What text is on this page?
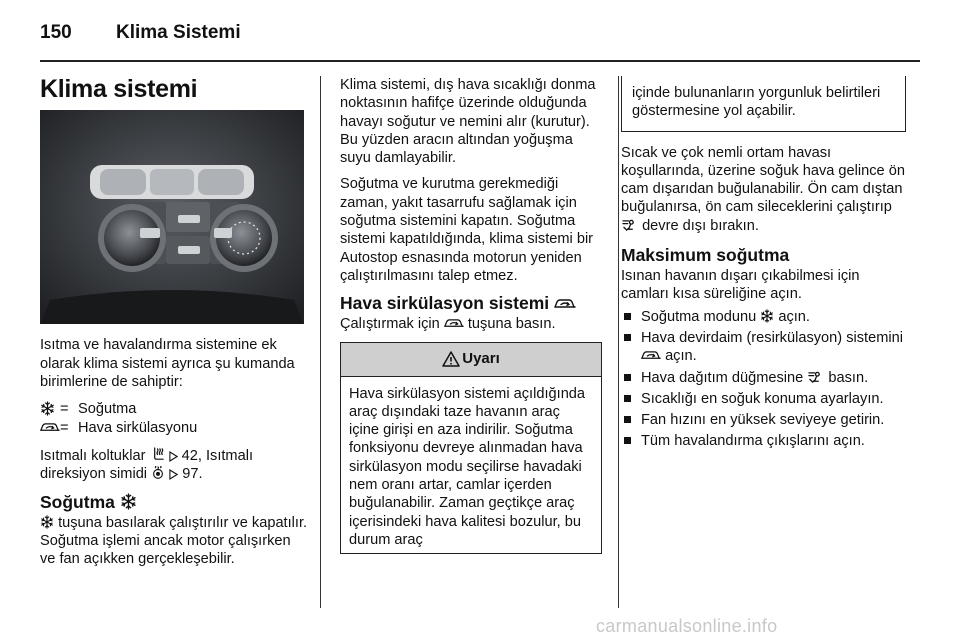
150 Klima Sistemi
Klima sistemi

Isıtma ve havalandırma sistemine ek olarak klima sistemi ayrıca şu kumanda birimlerine de sahiptir:

= Soğutma
= Hava sirkülasyonu

Isıtmalı koltuklar 42, Isıtmalı
direksiyon simidi 97.

Soğutma

tuşuna basılarak çalıştırılır ve kapatılır. Soğutma işlemi ancak motor çalışırken ve fan açıkken gerçekleşebilir.

Klima sistemi, dış hava sıcaklığı donma noktasının hafifçe üzerinde olduğunda havayı soğutur ve nemini alır (kurutur). Bu yüzden aracın altından yoğuşma suyu damlayabilir.

Soğutma ve kurutma gerekmediği zaman, yakıt tasarrufu sağlamak için soğutma sistemini kapatın. Soğutma sistemi kapatıldığında, klima sistemi bir Autostop esnasında motorun yeniden çalıştırılmasını talep etmez.

Hava sirkülasyon sistemi

Çalıştırmak için tuşuna basın.

Uyarı
Hava sirkülasyon sistemi açıldığında araç dışındaki taze havanın araç içine girişi en aza indirilir. Soğutma fonksiyonu devreye alınmadan hava sirkülasyon modu seçilirse havadaki nem oranı artar, camlar içerden buğulanabilir. Zaman geçtikçe araç içerisindeki hava kalitesi bozulur, bu durum araç
içinde bulunanların yorgunluk belirtileri göstermesine yol açabilir.

Sıcak ve çok nemli ortam havası koşullarında, üzerine soğuk hava gelince ön cam dışarıdan buğulanabilir. Ön cam dıştan buğulanırsa, ön cam sileceklerini çalıştırıp  devre dışı bırakın.

Maksimum soğutma

Isınan havanın dışarı çıkabilmesi için camları kısa süreliğine açın.

Soğutma modunu açın.
Hava devirdaim (resirkülasyon) sistemini  açın.
Hava dağıtım düğmesine basın.
Sıcaklığı en soğuk konuma ayarlayın.
Fan hızını en yüksek seviyeye getirin.
Tüm havalandırma çıkışlarını açın.
carmanualsonline.info
